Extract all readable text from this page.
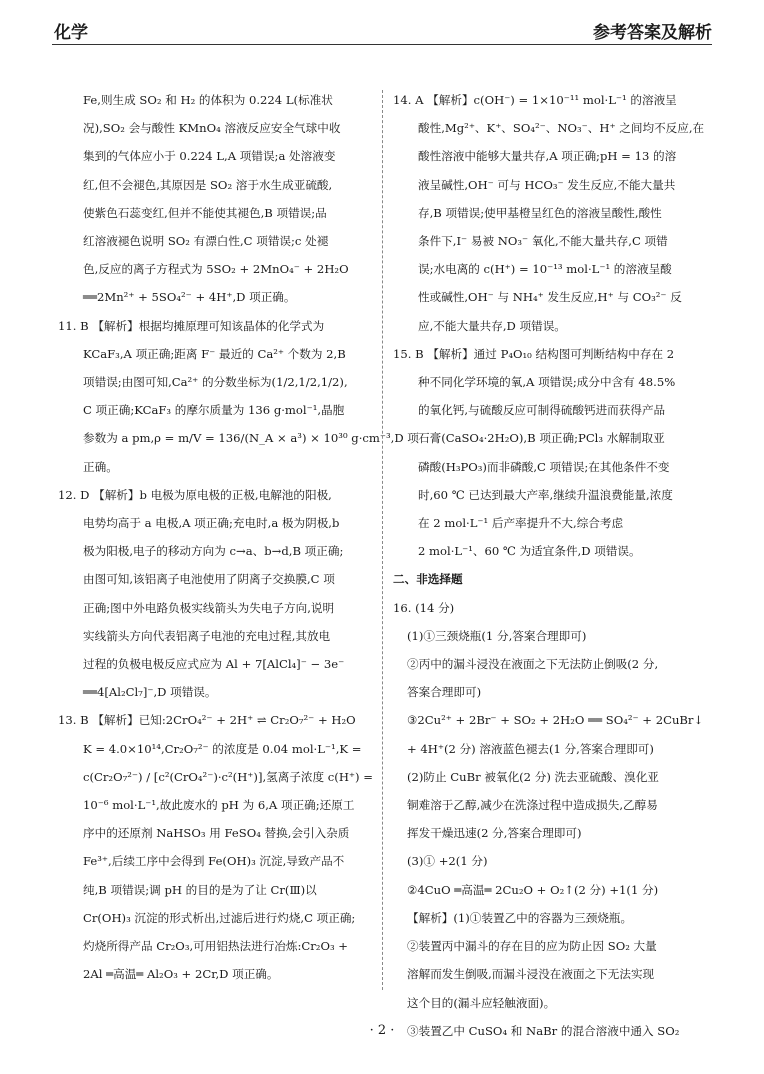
化学	参考答案及解析
Fe,则生成 SO₂ 和 H₂ 的体积为 0.224 L(标准状
况),SO₂ 会与酸性 KMnO₄ 溶液反应安全气球中收
集到的气体应小于 0.224 L,A 项错误;a 处溶液变
红,但不会褪色,其原因是 SO₂ 溶于水生成亚硫酸,
使紫色石蕊变红,但并不能使其褪色,B 项错误;品
红溶液褪色说明 SO₂ 有漂白性,C 项错误;c 处褪
色,反应的离子方程式为 5SO₂ + 2MnO₄⁻ + 2H₂O
══2Mn²⁺ + 5SO₄²⁻ + 4H⁺,D 项正确。
11. B 【解析】根据均摊原理可知该晶体的化学式为
KCaF₃,A 项正确;距离 F⁻ 最近的 Ca²⁺ 个数为 2,B
项错误;由图可知,Ca²⁺ 的分数坐标为(1/2,1/2,1/2),
C 项正确;KCaF₃ 的摩尔质量为 136 g·mol⁻¹,晶胞
参数为 a pm,ρ = m/V = 136/(N_A × a³) × 10³⁰ g·cm⁻³,D 项
正确。
12. D 【解析】b 电极为原电极的正极,电解池的阳极,
电势均高于 a 电极,A 项正确;充电时,a 极为阴极,b
极为阳极,电子的移动方向为 c→a、b→d,B 项正确;
由图可知,该铝离子电池使用了阴离子交换膜,C 项
正确;图中外电路负极实线箭头为失电子方向,说明
实线箭头方向代表铝离子电池的充电过程,其放电
过程的负极电极反应式应为 Al + 7[AlCl₄]⁻ − 3e⁻
══4[Al₂Cl₇]⁻,D 项错误。
13. B 【解析】已知:2CrO₄²⁻ + 2H⁺ ⇌ Cr₂O₇²⁻ + H₂O
K = 4.0×10¹⁴,Cr₂O₇²⁻ 的浓度是 0.04 mol·L⁻¹,K =
c(Cr₂O₇²⁻) / [c²(CrO₄²⁻)·c²(H⁺)],氢离子浓度 c(H⁺) =
10⁻⁶ mol·L⁻¹,故此废水的 pH 为 6,A 项正确;还原工
序中的还原剂 NaHSO₃ 用 FeSO₄ 替换,会引入杂质
Fe³⁺,后续工序中会得到 Fe(OH)₃ 沉淀,导致产品不
纯,B 项错误;调 pH 的目的是为了让 Cr(Ⅲ)以
Cr(OH)₃ 沉淀的形式析出,过滤后进行灼烧,C 项正确;
灼烧所得产品 Cr₂O₃,可用铝热法进行冶炼:Cr₂O₃ +
2Al ═高温═ Al₂O₃ + 2Cr,D 项正确。
14. A 【解析】c(OH⁻) = 1×10⁻¹¹ mol·L⁻¹ 的溶液呈
酸性,Mg²⁺、K⁺、SO₄²⁻、NO₃⁻、H⁺ 之间均不反应,在
酸性溶液中能够大量共存,A 项正确;pH = 13 的溶
液呈碱性,OH⁻ 可与 HCO₃⁻ 发生反应,不能大量共
存,B 项错误;使甲基橙呈红色的溶液呈酸性,酸性
条件下,I⁻ 易被 NO₃⁻ 氧化,不能大量共存,C 项错
误;水电离的 c(H⁺) = 10⁻¹³ mol·L⁻¹ 的溶液呈酸
性或碱性,OH⁻ 与 NH₄⁺ 发生反应,H⁺ 与 CO₃²⁻ 反
应,不能大量共存,D 项错误。
15. B 【解析】通过 P₄O₁₀ 结构图可判断结构中存在 2
种不同化学环境的氧,A 项错误;成分中含有 48.5%
的氧化钙,与硫酸反应可制得硫酸钙进而获得产品
石膏(CaSO₄·2H₂O),B 项正确;PCl₃ 水解制取亚
磷酸(H₃PO₃)而非磷酸,C 项错误;在其他条件不变
时,60 ℃ 已达到最大产率,继续升温浪费能量,浓度
在 2 mol·L⁻¹ 后产率提升不大,综合考虑
2 mol·L⁻¹、60 ℃ 为适宜条件,D 项错误。
二、非选择题
16. (14 分)
(1)①三颈烧瓶(1 分,答案合理即可)
②丙中的漏斗浸没在液面之下无法防止倒吸(2 分,
答案合理即可)
③2Cu²⁺ + 2Br⁻ + SO₂ + 2H₂O ══ SO₄²⁻ + 2CuBr↓
+ 4H⁺(2 分) 溶液蓝色褪去(1 分,答案合理即可)
(2)防止 CuBr 被氧化(2 分) 洗去亚硫酸、溴化亚
铜难溶于乙醇,减少在洗涤过程中造成损失,乙醇易
挥发干燥迅速(2 分,答案合理即可)
(3)① +2(1 分)
②4CuO ═高温═ 2Cu₂O + O₂↑(2 分) +1(1 分)
【解析】(1)①装置乙中的容器为三颈烧瓶。
②装置丙中漏斗的存在目的应为防止因 SO₂ 大量
溶解而发生倒吸,而漏斗浸没在液面之下无法实现
这个目的(漏斗应轻触液面)。
③装置乙中 CuSO₄ 和 NaBr 的混合溶液中通入 SO₂
· 2 ·
